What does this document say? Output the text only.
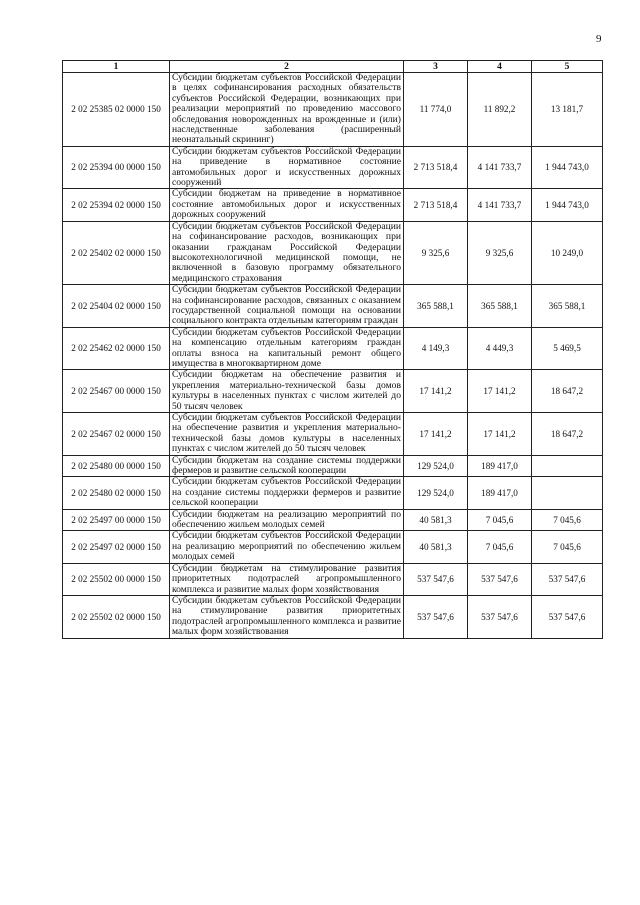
9
1	2	3	4	5
2 02 25385 02 0000 150	Субсидии бюджетам субъектов Российской Федерации в целях софинансирования расходных обязательств субъектов Российской Федерации, возникающих при реализации мероприятий по проведению массового обследования новорожденных на врожденные и (или) наследственные заболевания (расширенный неонатальный скрининг)	11 774,0	11 892,2	13 181,7
2 02 25394 00 0000 150	Субсидии бюджетам субъектов Российской Федерации на приведение в нормативное состояние автомобильных дорог и искусственных дорожных сооружений	2 713 518,4	4 141 733,7	1 944 743,0
2 02 25394 02 0000 150	Субсидии бюджетам на приведение в нормативное состояние автомобильных дорог и искусственных дорожных сооружений	2 713 518,4	4 141 733,7	1 944 743,0
2 02 25402 02 0000 150	Субсидии бюджетам субъектов Российской Федерации на софинансирование расходов, возникающих при оказании гражданам Российской Федерации высокотехнологичной медицинской помощи, не включенной в базовую программу обязательного медицинского страхования	9 325,6	9 325,6	10 249,0
2 02 25404 02 0000 150	Субсидии бюджетам субъектов Российской Федерации на софинансирование расходов, связанных с оказанием государственной социальной помощи на основании социального контракта отдельным категориям граждан	365 588,1	365 588,1	365 588,1
2 02 25462 02 0000 150	Субсидии бюджетам субъектов Российской Федерации на компенсацию отдельным категориям граждан оплаты взноса на капитальный ремонт общего имущества в многоквартирном доме	4 149,3	4 449,3	5 469,5
2 02 25467 00 0000 150	Субсидии бюджетам на обеспечение развития и укрепления материально-технической базы домов культуры в населенных пунктах с числом жителей до 50 тысяч человек	17 141,2	17 141,2	18 647,2
2 02 25467 02 0000 150	Субсидии бюджетам субъектов Российской Федерации на обеспечение развития и укрепления материально-технической базы домов культуры в населенных пунктах с числом жителей до 50 тысяч человек	17 141,2	17 141,2	18 647,2
2 02 25480 00 0000 150	Субсидии бюджетам на создание системы поддержки фермеров и развитие сельской кооперации	129 524,0	189 417,0	
2 02 25480 02 0000 150	Субсидии бюджетам субъектов Российской Федерации на создание системы поддержки фермеров и развитие сельской кооперации	129 524,0	189 417,0	
2 02 25497 00 0000 150	Субсидии бюджетам на реализацию мероприятий по обеспечению жильем молодых семей	40 581,3	7 045,6	7 045,6
2 02 25497 02 0000 150	Субсидии бюджетам субъектов Российской Федерации на реализацию мероприятий по обеспечению жильем молодых семей	40 581,3	7 045,6	7 045,6
2 02 25502 00 0000 150	Субсидии бюджетам на стимулирование развития приоритетных подотраслей агропромышленного комплекса и развитие малых форм хозяйствования	537 547,6	537 547,6	537 547,6
2 02 25502 02 0000 150	Субсидии бюджетам субъектов Российской Федерации на стимулирование развития приоритетных подотраслей агропромышленного комплекса и развитие малых форм хозяйствования	537 547,6	537 547,6	537 547,6
